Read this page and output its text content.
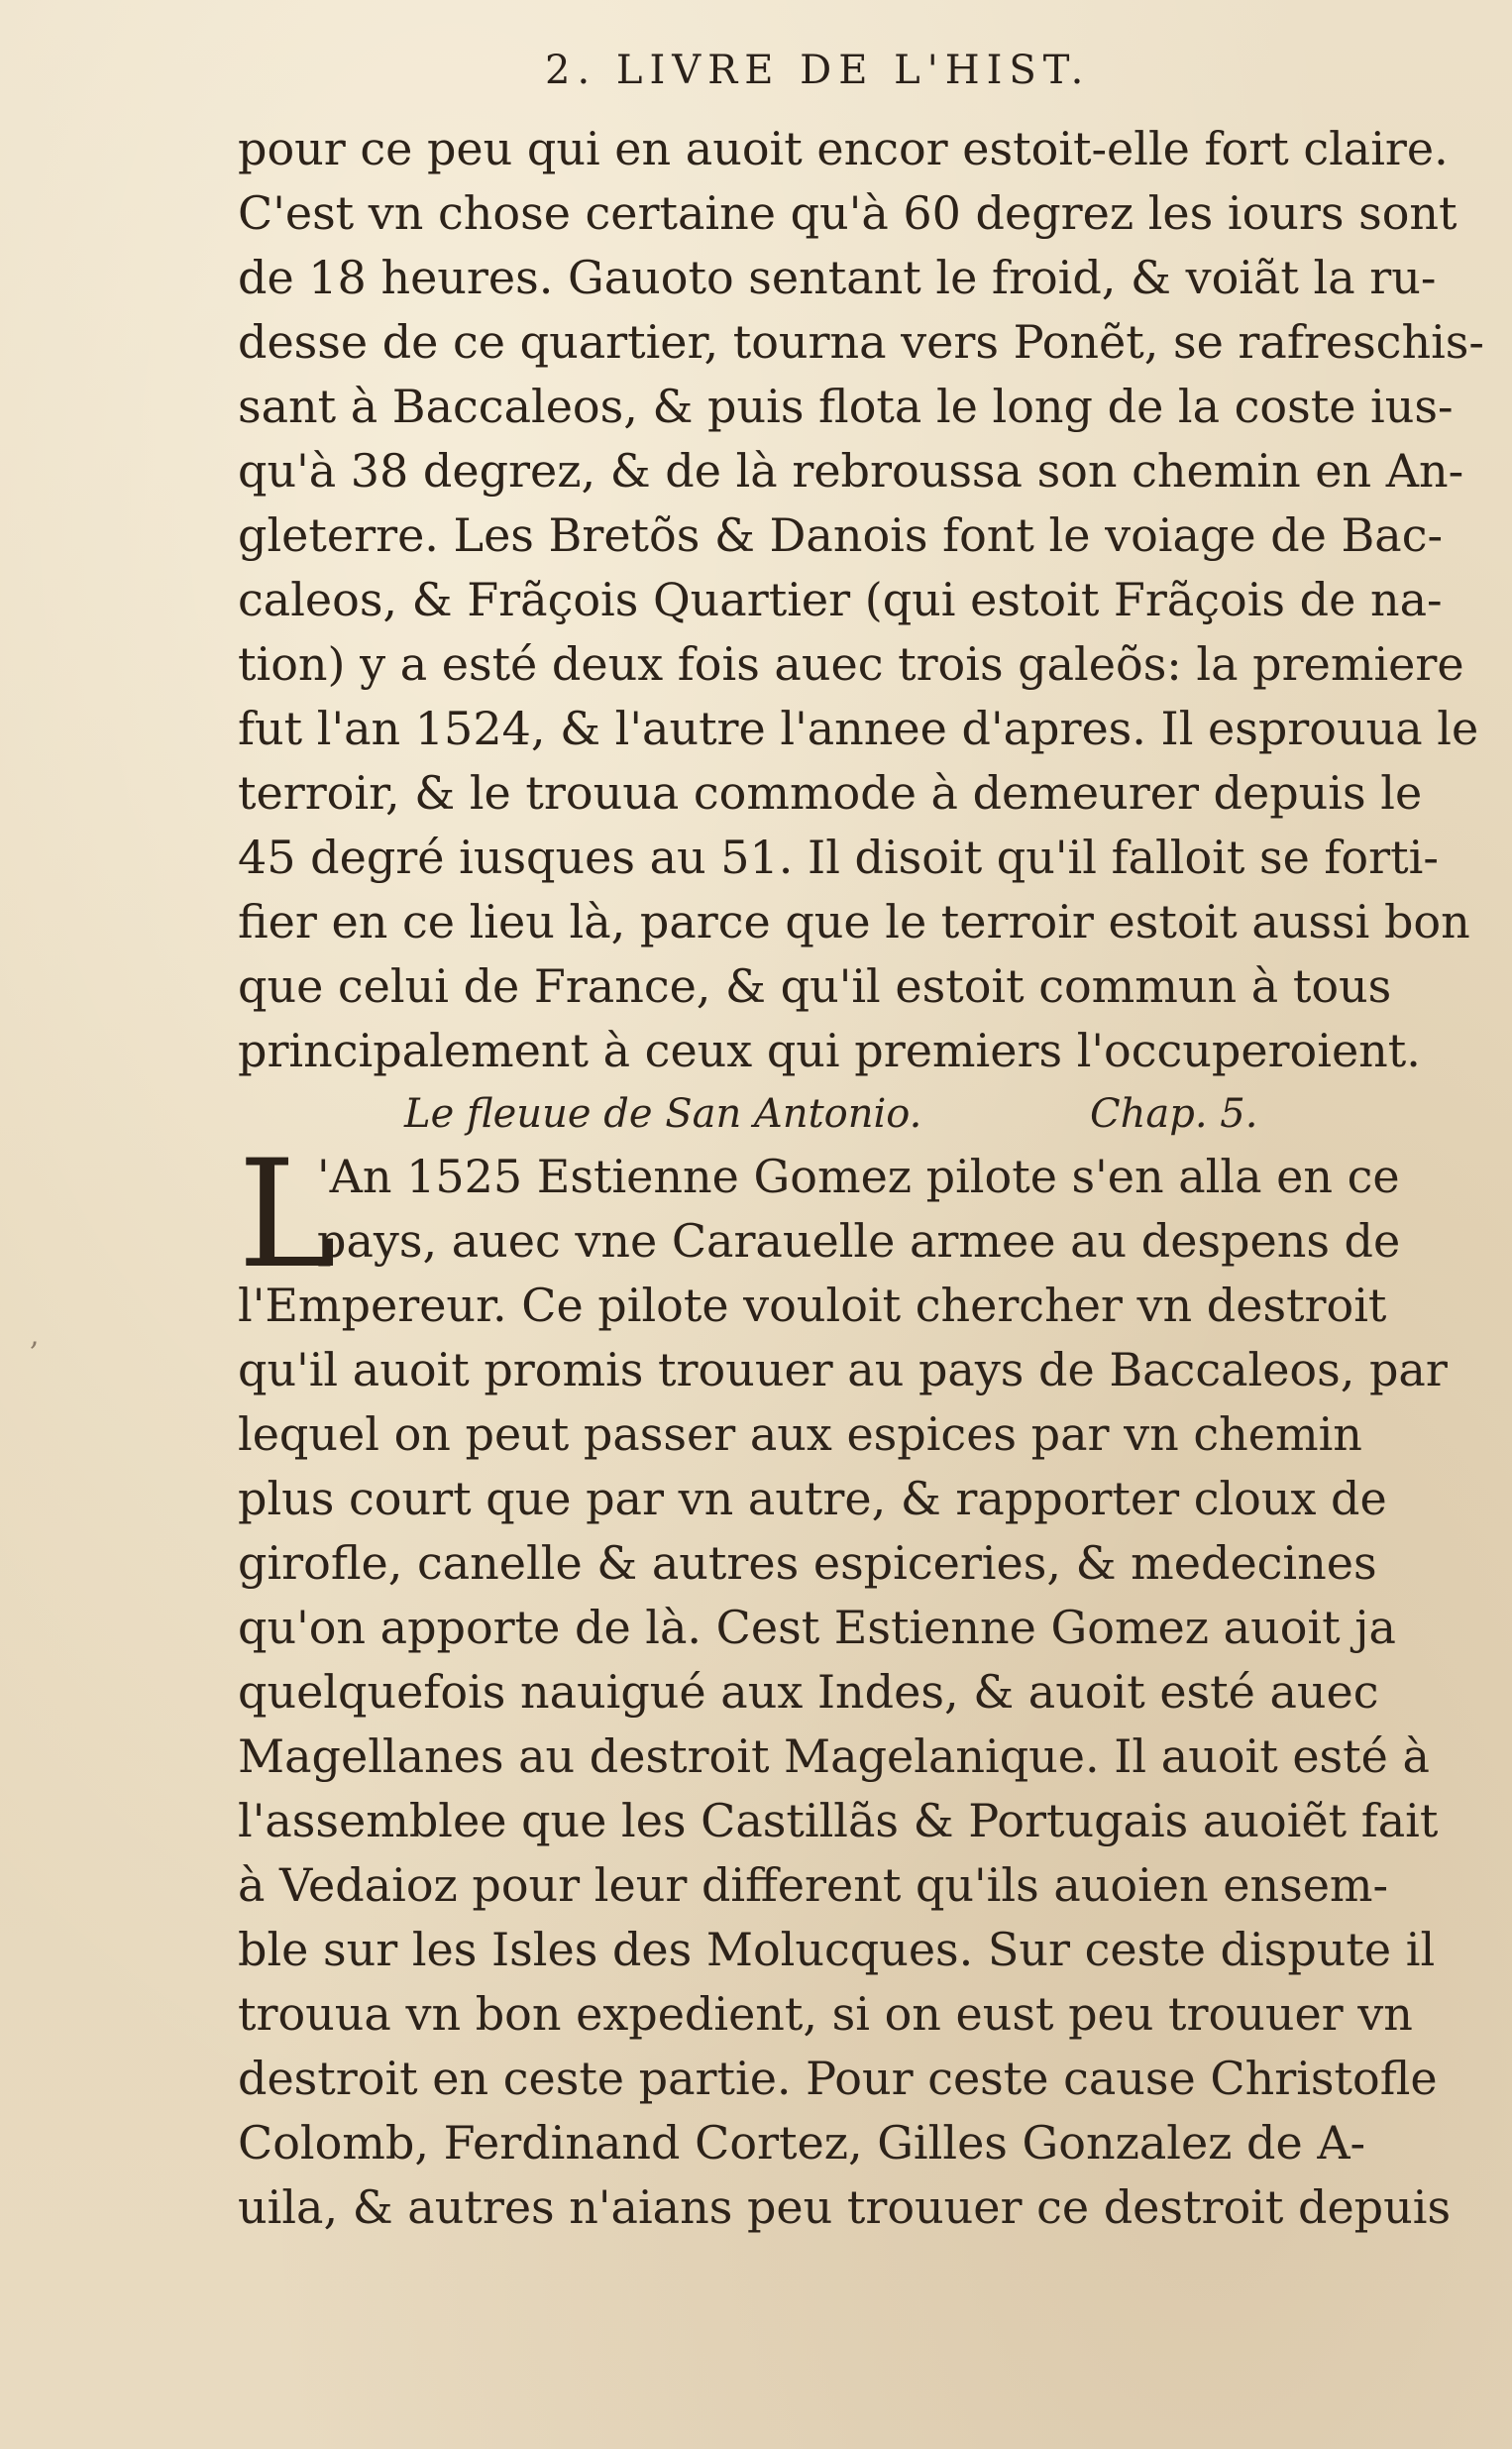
2. LIVRE DE L'HIST.
pour ce peu qui en auoit encor estoit-elle fort claire.
C'est vn chose certaine qu'à 60 degrez les iours sont
de 18 heures. Gauoto sentant le froid, & voiãt la ru-
desse de ce quartier, tourna vers Ponẽt, se rafreschis-
sant à Baccaleos, & puis flota le long de la coste ius-
qu'à 38 degrez, & de là rebroussa son chemin en An-
gleterre. Les Bretõs & Danois font le voiage de Bac-
caleos, & Frãçois Quartier (qui estoit Frãçois de na-
tion) y a esté deux fois auec trois galeõs: la premiere
fut l'an 1524, & l'autre l'annee d'apres. Il esprouua le
terroir, & le trouua commode à demeurer depuis le
45 degré iusques au 51. Il disoit qu'il falloit se forti-
fier en ce lieu là, parce que le terroir estoit aussi bon
que celui de France, & qu'il estoit commun à tous
principalement à ceux qui premiers l'occuperoient.
Le fleuue de San Antonio.	Chap. 5.
L
'An 1525 Estienne Gomez pilote s'en alla en ce
pays, auec vne Carauelle armee au despens de
l'Empereur. Ce pilote vouloit chercher vn destroit
qu'il auoit promis trouuer au pays de Baccaleos, par
lequel on peut passer aux espices par vn chemin
plus court que par vn autre, & rapporter cloux de
girofle, canelle & autres espiceries, & medecines
qu'on apporte de là. Cest Estienne Gomez auoit ja
quelquefois nauigué aux Indes, & auoit esté auec
Magellanes au destroit Magelanique. Il auoit esté à
l'assemblee que les Castillãs & Portugais auoiẽt fait
à Vedaioz pour leur different qu'ils auoien ensem-
ble sur les Isles des Molucques. Sur ceste dispute il
trouua vn bon expedient, si on eust peu trouuer vn
destroit en ceste partie. Pour ceste cause Christofle
Colomb, Ferdinand Cortez, Gilles Gonzalez de A-
uila, & autres n'aians peu trouuer ce destroit depuis
,
